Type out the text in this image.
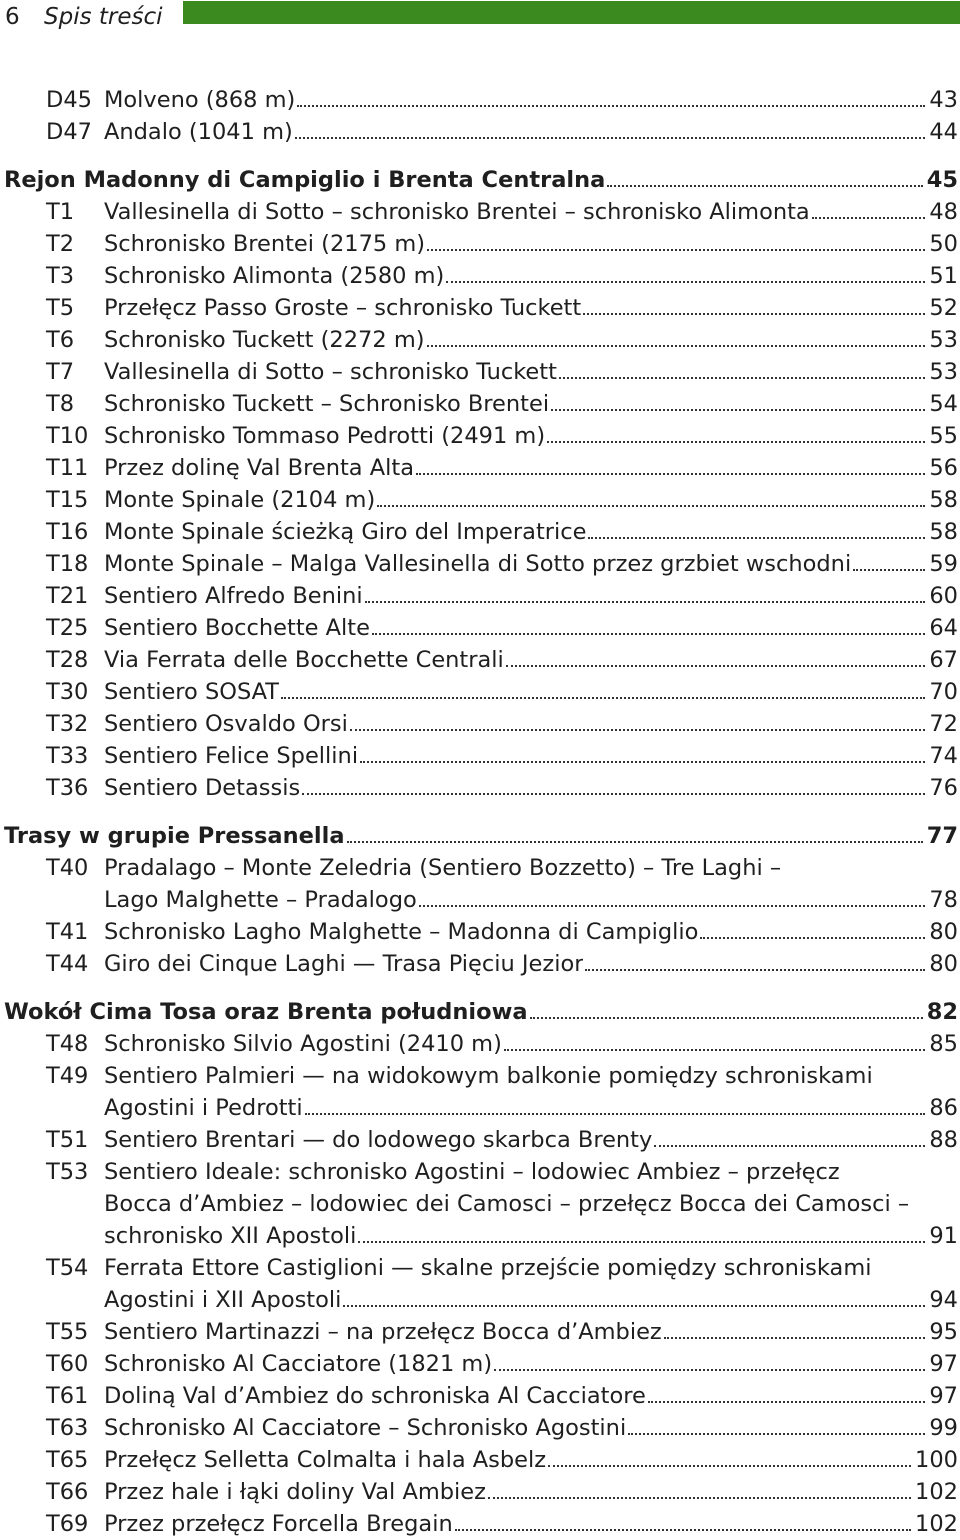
6 Spis treści
D45 Molveno (868 m)	43
D47 Andalo (1041 m)	44
Rejon Madonny di Campiglio i Brenta Centralna	45
T1 Vallesinella di Sotto – schronisko Brentei – schronisko Alimonta	48
T2 Schronisko Brentei (2175 m)	50
T3 Schronisko Alimonta (2580 m)	51
T5 Przełęcz Passo Groste – schronisko Tuckett	52
T6 Schronisko Tuckett (2272 m)	53
T7 Vallesinella di Sotto – schronisko Tuckett	53
T8 Schronisko Tuckett – Schronisko Brentei	54
T10 Schronisko Tommaso Pedrotti (2491 m)	55
T11 Przez dolinę Val Brenta Alta	56
T15 Monte Spinale (2104 m)	58
T16 Monte Spinale ścieżką Giro del Imperatrice	58
T18 Monte Spinale – Malga Vallesinella di Sotto przez grzbiet wschodni	59
T21 Sentiero Alfredo Benini	60
T25 Sentiero Bocchette Alte	64
T28 Via Ferrata delle Bocchette Centrali	67
T30 Sentiero SOSAT	70
T32 Sentiero Osvaldo Orsi	72
T33 Sentiero Felice Spellini	74
T36 Sentiero Detassis	76
Trasy w grupie Pressanella	77
T40 Pradalago – Monte Zeledria (Sentiero Bozzetto) – Tre Laghi –
Lago Malghette – Pradalogo	78
T41 Schronisko Lagho Malghette – Madonna di Campiglio	80
T44 Giro dei Cinque Laghi — Trasa Pięciu Jezior	80
Wokół Cima Tosa oraz Brenta południowa	82
T48 Schronisko Silvio Agostini (2410 m)	85
T49 Sentiero Palmieri — na widokowym balkonie pomiędzy schroniskami
Agostini i Pedrotti	86
T51 Sentiero Brentari — do lodowego skarbca Brenty	88
T53 Sentiero Ideale: schronisko Agostini – lodowiec Ambiez – przełęcz
Bocca d’Ambiez – lodowiec dei Camosci – przełęcz Bocca dei Camosci –
schronisko XII Apostoli	91
T54 Ferrata Ettore Castiglioni — skalne przejście pomiędzy schroniskami
Agostini i XII Apostoli	94
T55 Sentiero Martinazzi – na przełęcz Bocca d’Ambiez	95
T60 Schronisko Al Cacciatore (1821 m)	97
T61 Doliną Val d’Ambiez do schroniska Al Cacciatore	97
T63 Schronisko Al Cacciatore – Schronisko Agostini	99
T65 Przełęcz Selletta Colmalta i hala Asbelz	100
T66 Przez hale i łąki doliny Val Ambiez	102
T69 Przez przełęcz Forcella Bregain	102
